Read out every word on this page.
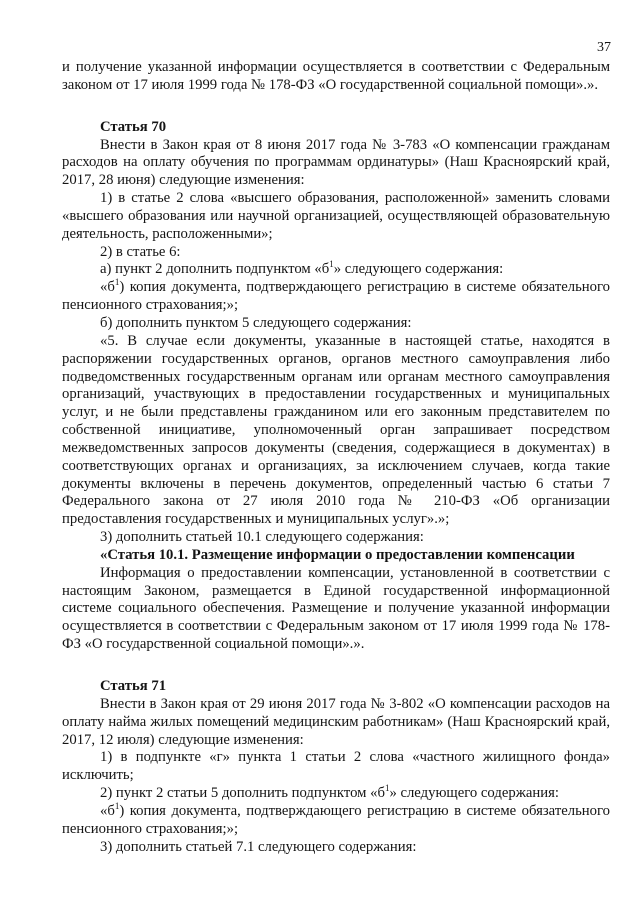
37

и получение указанной информации осуществляется в соответствии с Федеральным законом от 17 июля 1999 года № 178-ФЗ «О государственной социальной помощи».».

Статья 70

Внести в Закон края от 8 июня 2017 года № 3-783 «О компенсации гражданам расходов на оплату обучения по программам ординатуры» (Наш Красноярский край, 2017, 28 июня) следующие изменения:

1) в статье 2 слова «высшего образования, расположенной» заменить словами «высшего образования или научной организацией, осуществляющей образовательную деятельность, расположенными»;

2) в статье 6:

а) пункт 2 дополнить подпунктом «$б^1$» следующего содержания:

«$б^1$) копия документа, подтверждающего регистрацию в системе обязательного пенсионного страхования;»;

б) дополнить пунктом 5 следующего содержания:

«5. В случае если документы, указанные в настоящей статье, находятся в распоряжении государственных органов, органов местного самоуправления либо подведомственных государственным органам или органам местного самоуправления организаций, участвующих в предоставлении государственных и муниципальных услуг, и не были представлены гражданином или его законным представителем по собственной инициативе, уполномоченный орган запрашивает посредством межведомственных запросов документы (сведения, содержащиеся в документах) в соответствующих органах и организациях, за исключением случаев, когда такие документы включены в перечень документов, определенный частью 6 статьи 7 Федерального закона от 27 июля 2010 года № 210-ФЗ «Об организации предоставления государственных и муниципальных услуг».»;

3) дополнить статьей 10.1 следующего содержания:

«Статья 10.1. Размещение информации о предоставлении компенсации

Информация о предоставлении компенсации, установленной в соответствии с настоящим Законом, размещается в Единой государственной информационной системе социального обеспечения. Размещение и получение указанной информации осуществляется в соответствии с Федеральным законом от 17 июля 1999 года № 178-ФЗ «О государственной социальной помощи».».

Статья 71

Внести в Закон края от 29 июня 2017 года № 3-802 «О компенсации расходов на оплату найма жилых помещений медицинским работникам» (Наш Красноярский край, 2017, 12 июля) следующие изменения:

1) в подпункте «г» пункта 1 статьи 2 слова «частного жилищного фонда» исключить;

2) пункт 2 статьи 5 дополнить подпунктом «$б^1$» следующего содержания:

«$б^1$) копия документа, подтверждающего регистрацию в системе обязательного пенсионного страхования;»;

3) дополнить статьей 7.1 следующего содержания:
